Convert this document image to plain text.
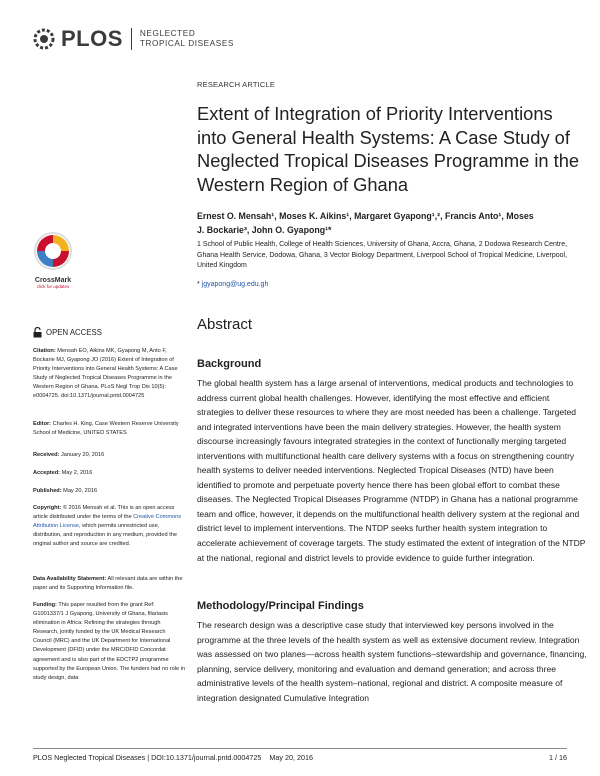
PLOS NEGLECTED
TROPICAL DISEASES
RESEARCH ARTICLE
Extent of Integration of Priority Interventions into General Health Systems: A Case Study of Neglected Tropical Diseases Programme in the Western Region of Ghana
Ernest O. Mensah¹, Moses K. Aikins¹, Margaret Gyapong¹,², Francis Anto¹, Moses
J. Bockarie³, John O. Gyapong¹*
1 School of Public Health, College of Health Sciences, University of Ghana, Accra, Ghana, 2 Dodowa Research Centre, Ghana Health Service, Dodowa, Ghana, 3 Vector Biology Department, Liverpool School of Tropical Medicine, Liverpool, United Kingdom
* jgyapong@ug.edu.gh
Abstract
Background

The global health system has a large arsenal of interventions, medical products and technologies to address current global health challenges. However, identifying the most effective and efficient strategies to deliver these resources to where they are most needed has been a challenge. Targeted and integrated interventions have been the main delivery strategies. However, the health system discourse increasingly favours integrated strategies in the context of functionally merging targeted interventions with multifunctional health care delivery systems with a focus on strengthening country health systems to deliver needed interventions. Neglected Tropical Diseases (NTD) have been identified to promote and perpetuate poverty hence there has been global effort to combat these diseases. The Neglected Tropical Diseases Programme (NTDP) in Ghana has a national programme team and office, however, it depends on the multifunctional health delivery system at the regional and district level to implement interventions. The NTDP seeks further health system integration to accelerate achievement of coverage targets. The study estimated the extent of integration of the NTDP at the national, regional and district levels to provide evidence to guide further integration.

Methodology/Principal Findings

The research design was a descriptive case study that interviewed key persons involved in the programme at the three levels of the health system as well as extensive document review. Integration was assessed on two planes—across health system functions–stewardship and governance, financing, planning, service delivery, monitoring and evaluation and demand generation; and across three administrative levels of the health system–national, regional and district. A composite measure of integration designated Cumulative Integration

CrossMark
click for updates
OPEN ACCESS
Citation: Mensah EO, Aikins MK, Gyapong M, Anto F, Bockarie MJ, Gyapong JO (2016) Extent of Integration of Priority Interventions into General Health Systems: A Case Study of Neglected Tropical Diseases Programme in the Western Region of Ghana. PLoS Negl Trop Dis 10(5): e0004725. doi:10.1371/journal.pntd.0004725
Editor: Charles H. King, Case Western Reserve University School of Medicine, UNITED STATES
Received: January 20, 2016
Accepted: May 2, 2016
Published: May 20, 2016
Copyright: © 2016 Mensah et al. This is an open access article distributed under the terms of the Creative Commons Attribution License, which permits unrestricted use, distribution, and reproduction in any medium, provided the original author and source are credited.
Data Availability Statement: All relevant data are within the paper and its Supporting Information file.
Funding: This paper resulted from the grant Ref: G1001337/1 J Gyapong, University of Ghana, filariasis elimination in Africa: Refining the strategies through Research, jointly funded by the UK Medical Research Council (MRC) and the UK Department for International Development (DFID) under the MRC/DFID Concordat agreement and is also part of the EDCTP2 programme supported by the European Union. The funders had no role in study design, data
PLOS Neglected Tropical Diseases | DOI:10.1371/journal.pntd.0004725    May 20, 2016	1 / 16
